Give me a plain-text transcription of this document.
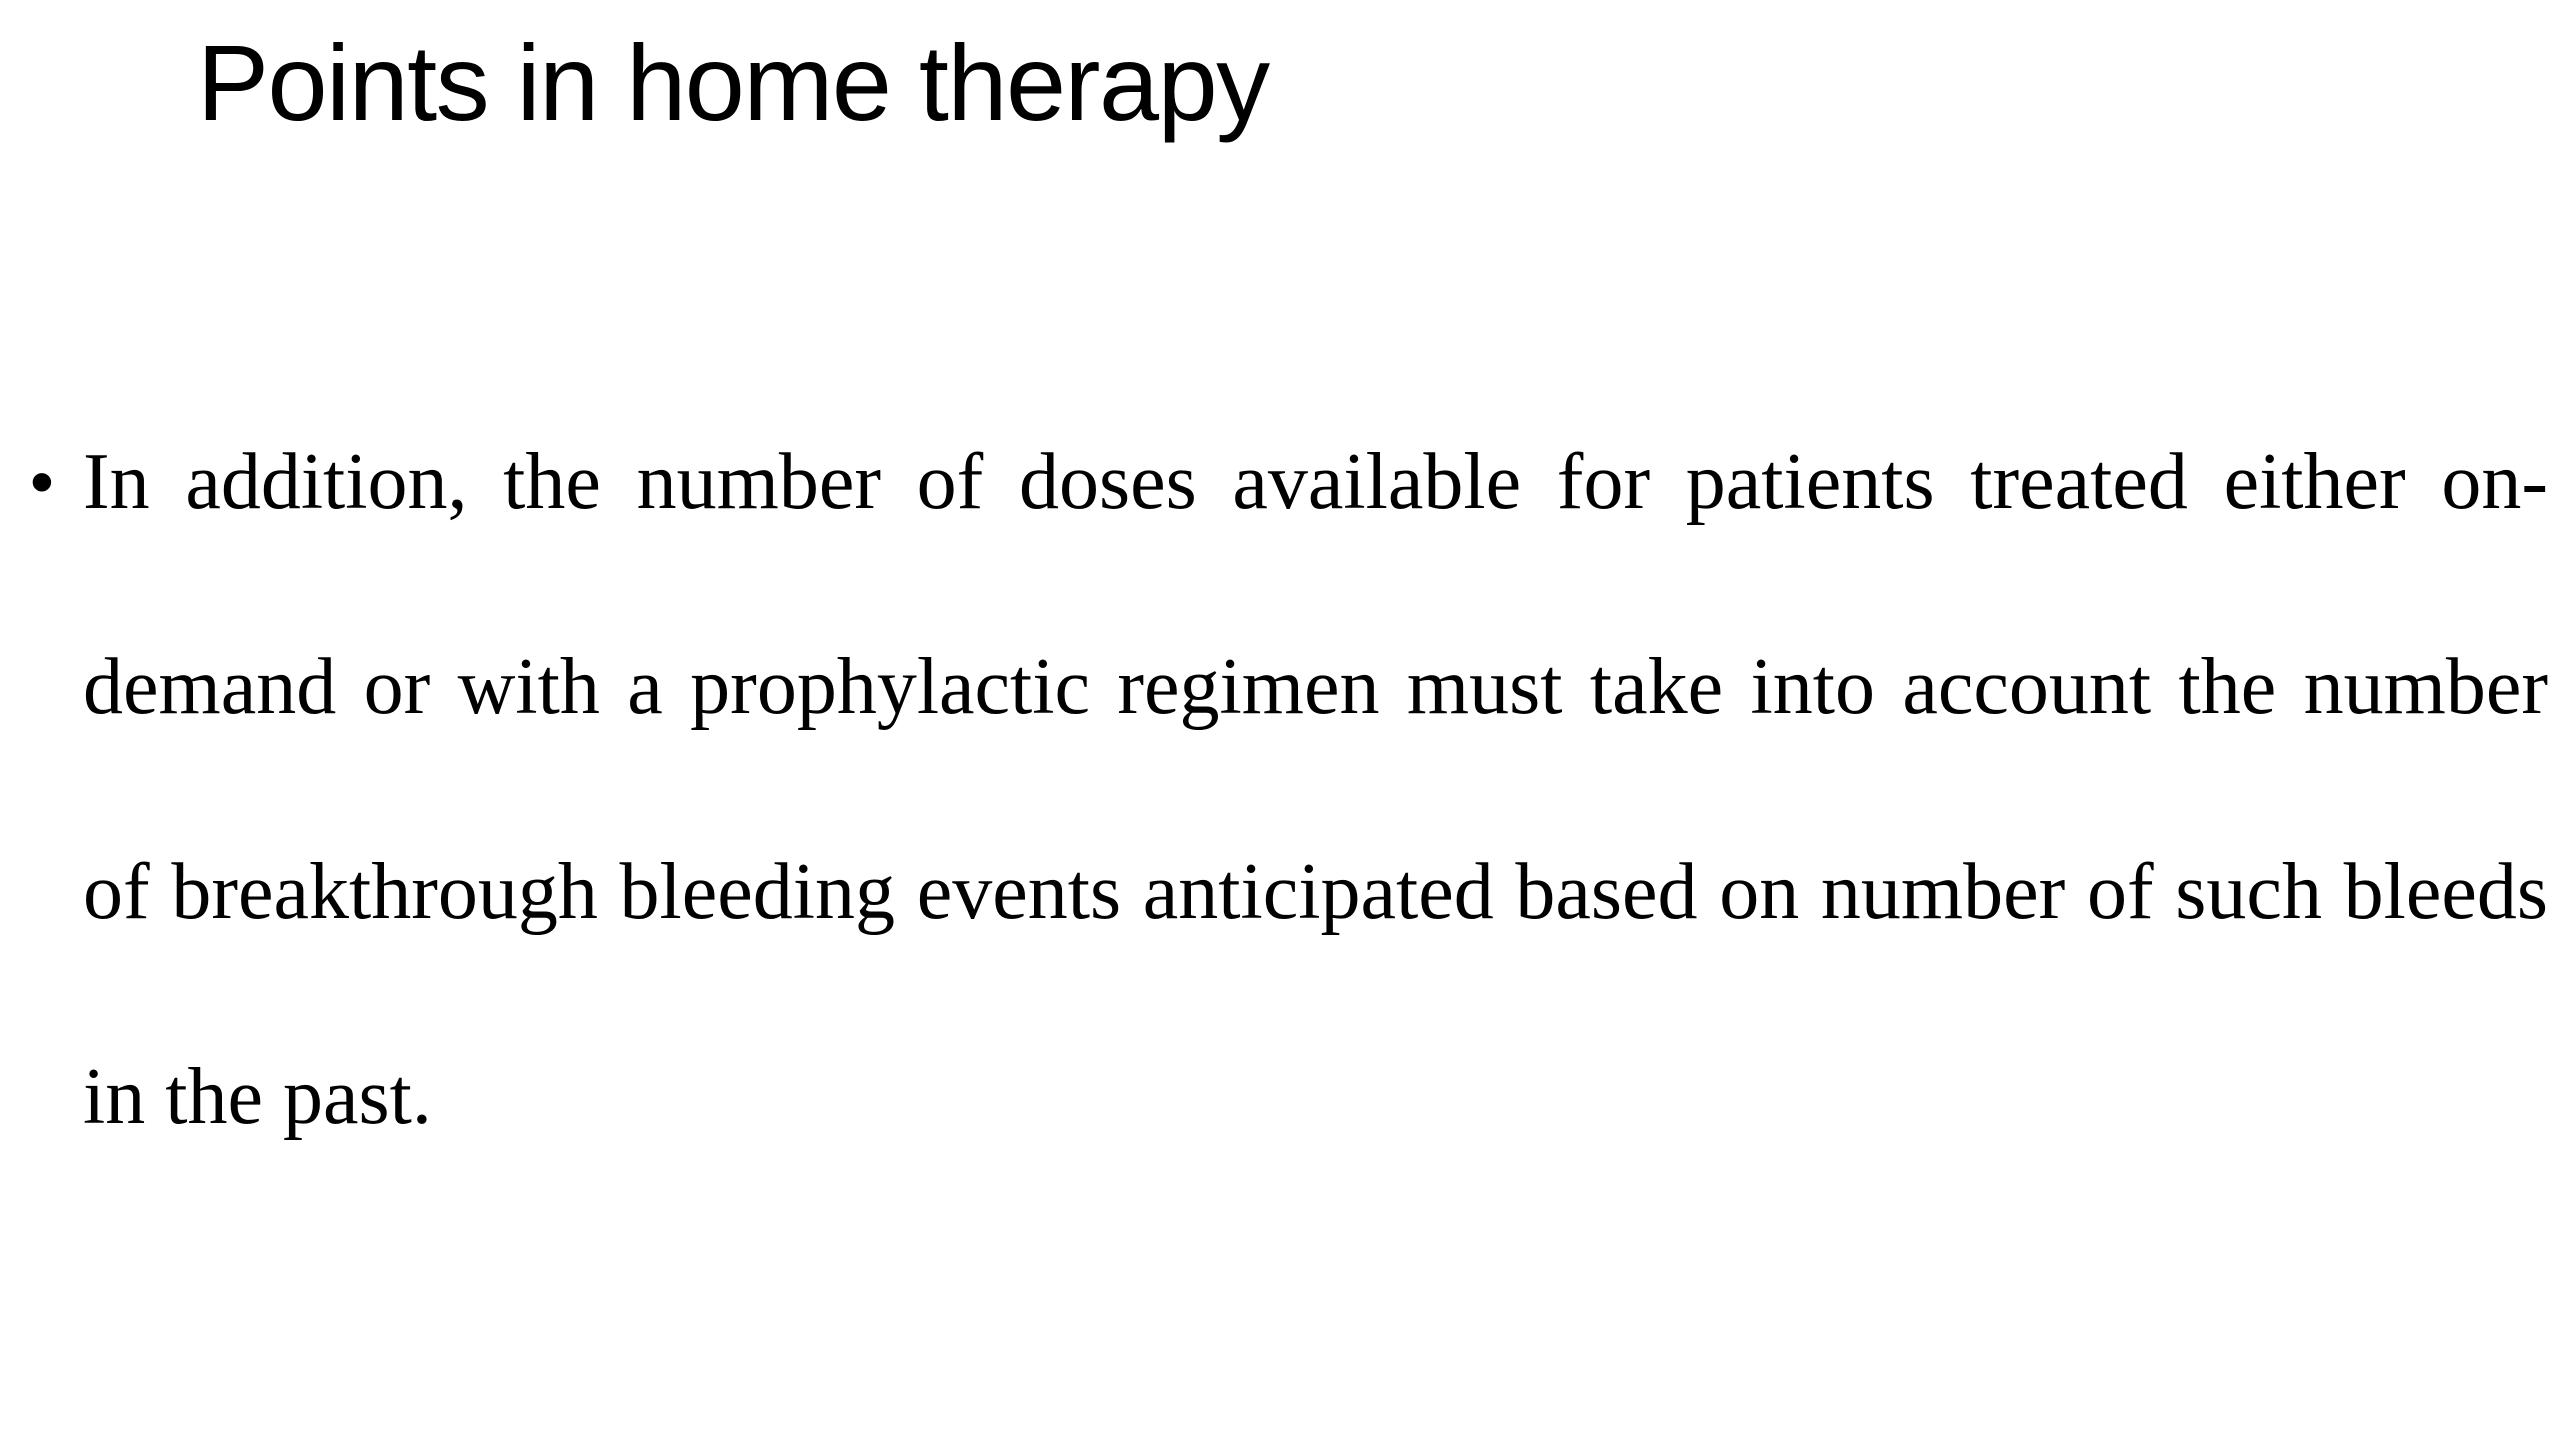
Points in home therapy
• In addition, the number of doses available for patients treated either on-demand or with a prophylactic regimen must take into account the number of breakthrough bleeding events anticipated based on number of such bleeds in the past.
